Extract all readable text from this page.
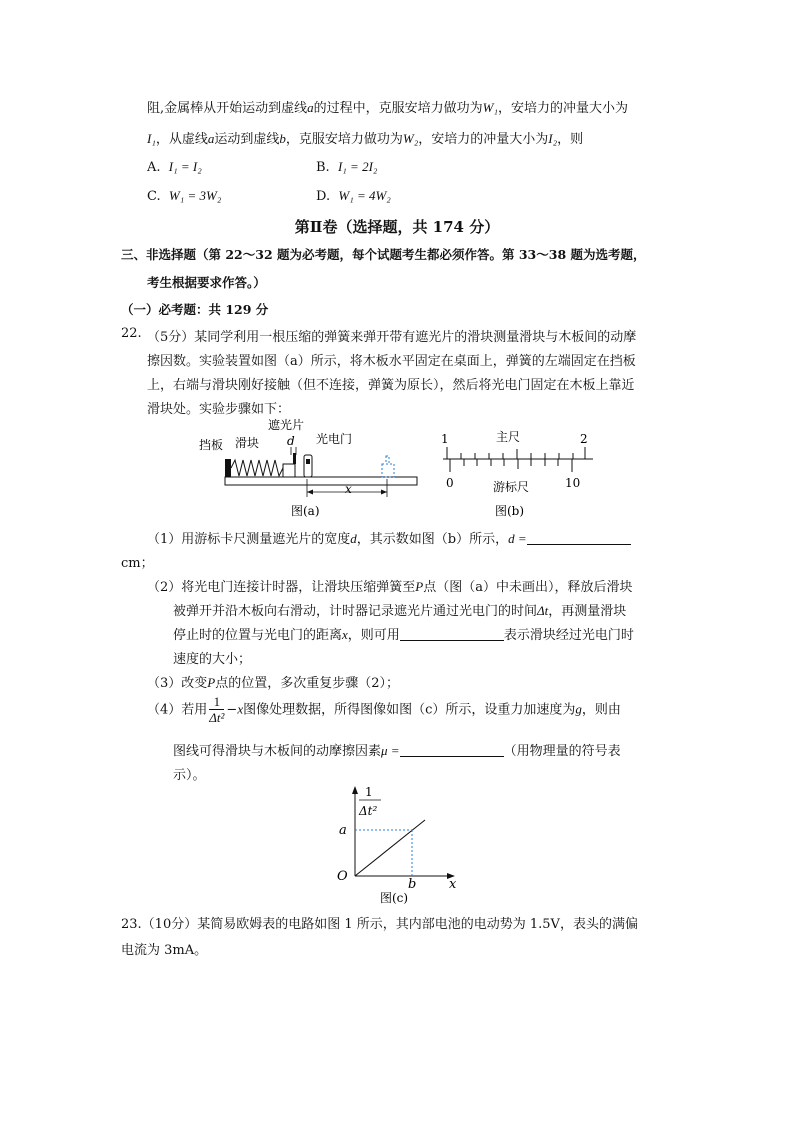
阻,金属棒从开始运动到虚线a的过程中，克服安培力做功为W₁，安培力的冲量大小为
I₁，从虚线a运动到虚线b，克服安培力做功为W₂，安培力的冲量大小为I₂，则
A. I₁ = I₂	B. I₁ = 2I₂
C. W₁ = 3W₂	D. W₁ = 4W₂
第Ⅱ卷（选择题，共 174 分）
三、非选择题（第 22～32 题为必考题，每个试题考生都必须作答。第 33～38 题为选考题，
考生根据要求作答。）
（一）必考题：共 129 分
22. （5分）某同学利用一根压缩的弹簧来弹开带有遮光片的滑块测量滑块与木板间的动摩
擦因数。实验装置如图（a）所示，将木板水平固定在桌面上，弹簧的左端固定在挡板
上，右端与滑块刚好接触（但不连接，弹簧为原长），然后将光电门固定在木板上靠近
滑块处。实验步骤如下：
挡板 滑块
遮光片
d 光电门
x
图(a)
1	主尺	2
0	游标尺	10
图(b)
（1）用游标卡尺测量遮光片的宽度d，其示数如图（b）所示，d =
cm；
（2）将光电门连接计时器，让滑块压缩弹簧至P点（图（a）中未画出），释放后滑块
被弹开并沿木板向右滑动，计时器记录遮光片通过光电门的时间Δt，再测量滑块
停止时的位置与光电门的距离x，则可用	表示滑块经过光电门时
速度的大小；
（3）改变P点的位置，多次重复步骤（2）；
（4）若用 $\frac{1}{\text{Δt²}} -x$图像处理数据，所得图像如图（c）所示，设重力加速度为g，则由
图线可得滑块与木板间的动摩擦因素μ =	（用物理量的符号表
示）。
1
Δt²
a
O
b	x
图(c)
23.（10分）某简易欧姆表的电路如图 1 所示，其内部电池的电动势为 1.5V，表头的满偏
电流为 3mA。
